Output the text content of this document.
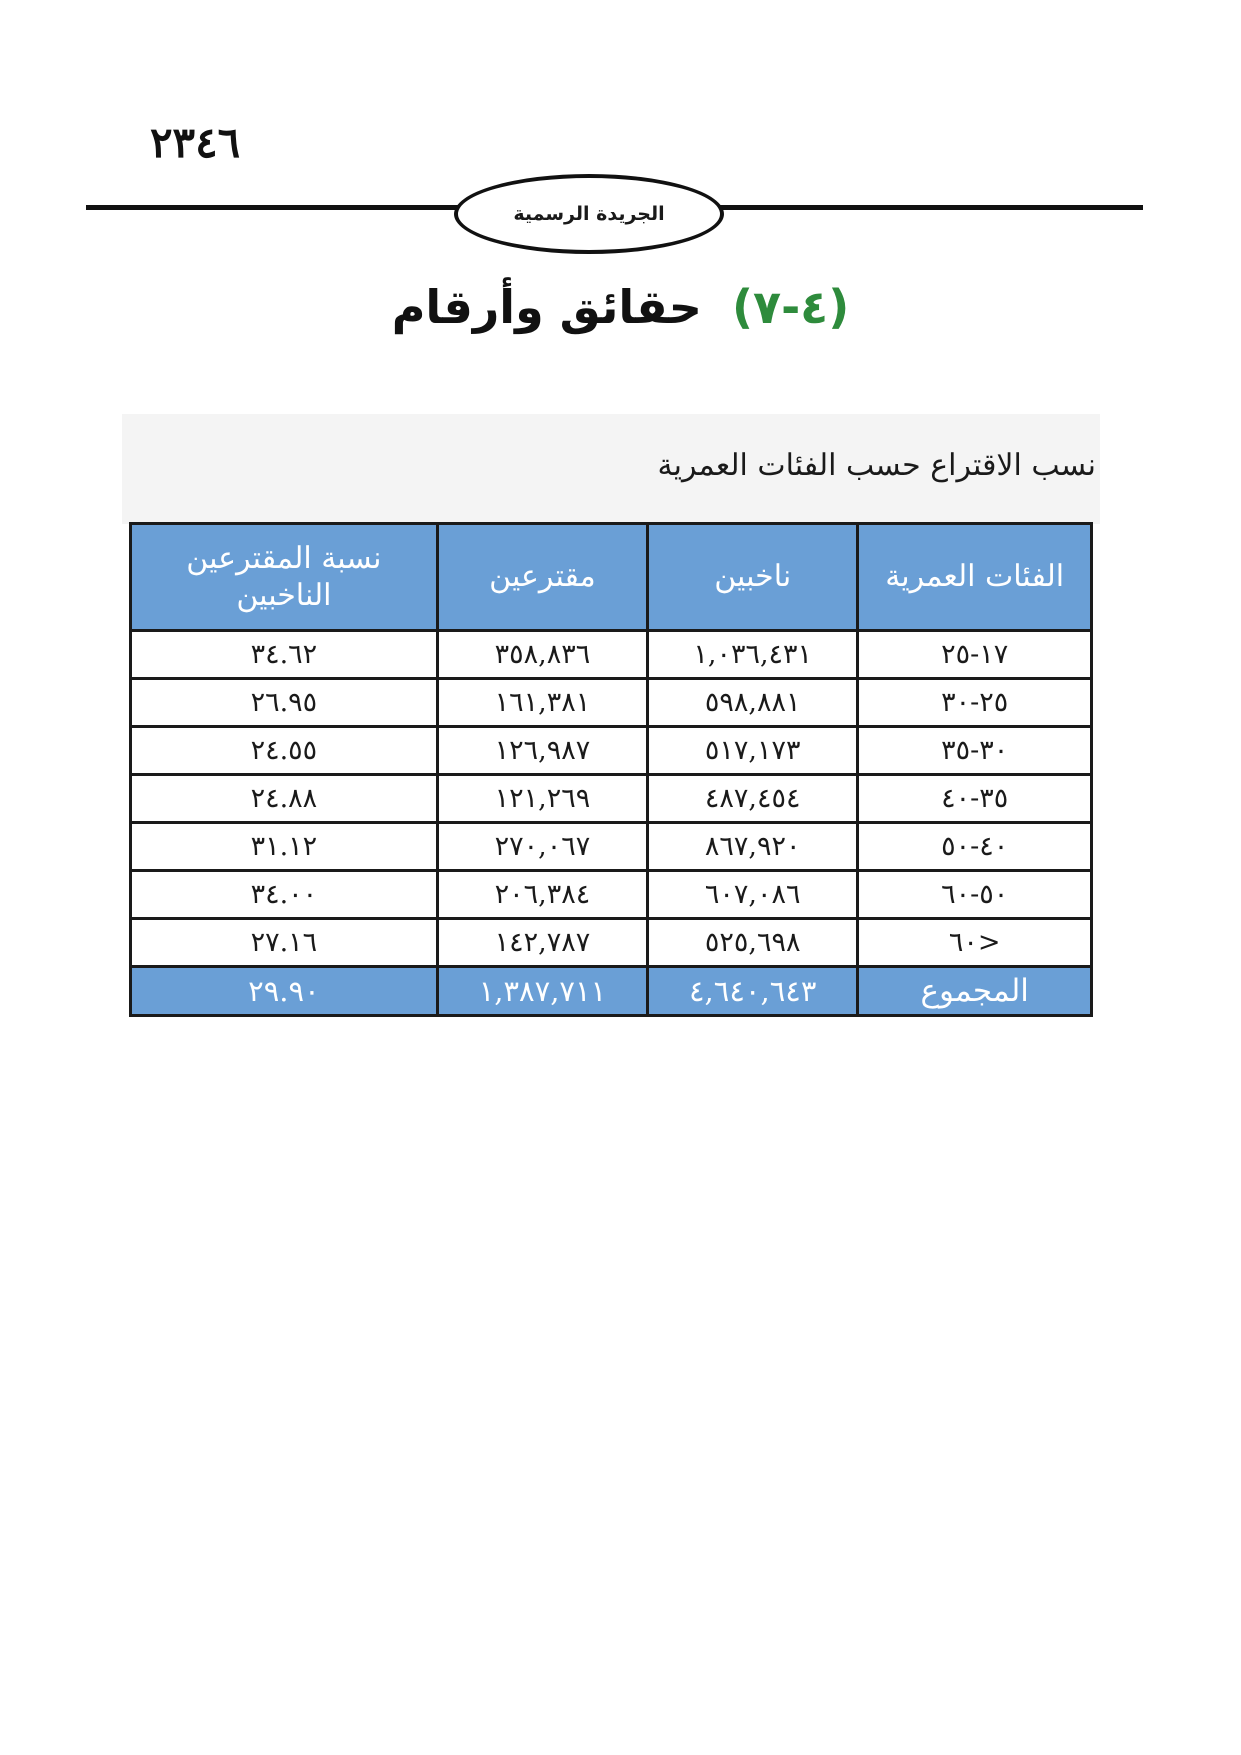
٢٣٤٦
الجريدة الرسمية
(٤-٧) حقائق وأرقام
نسب الاقتراع حسب الفئات العمرية
الفئات العمرية	ناخبين	مقترعين	نسبة المقترعين
الناخبين

١٧-٢٥	١,٠٣٦,٤٣١	٣٥٨,٨٣٦	٣٤.٦٢
٢٥-٣٠	٥٩٨,٨٨١	١٦١,٣٨١	٢٦.٩٥
٣٠-٣٥	٥١٧,١٧٣	١٢٦,٩٨٧	٢٤.٥٥
٣٥-٤٠	٤٨٧,٤٥٤	١٢١,٢٦٩	٢٤.٨٨
٤٠-٥٠	٨٦٧,٩٢٠	٢٧٠,٠٦٧	٣١.١٢
٥٠-٦٠	٦٠٧,٠٨٦	٢٠٦,٣٨٤	٣٤.٠٠
<٦٠	٥٢٥,٦٩٨	١٤٢,٧٨٧	٢٧.١٦
المجموع	٤,٦٤٠,٦٤٣	١,٣٨٧,٧١١	٢٩.٩٠
